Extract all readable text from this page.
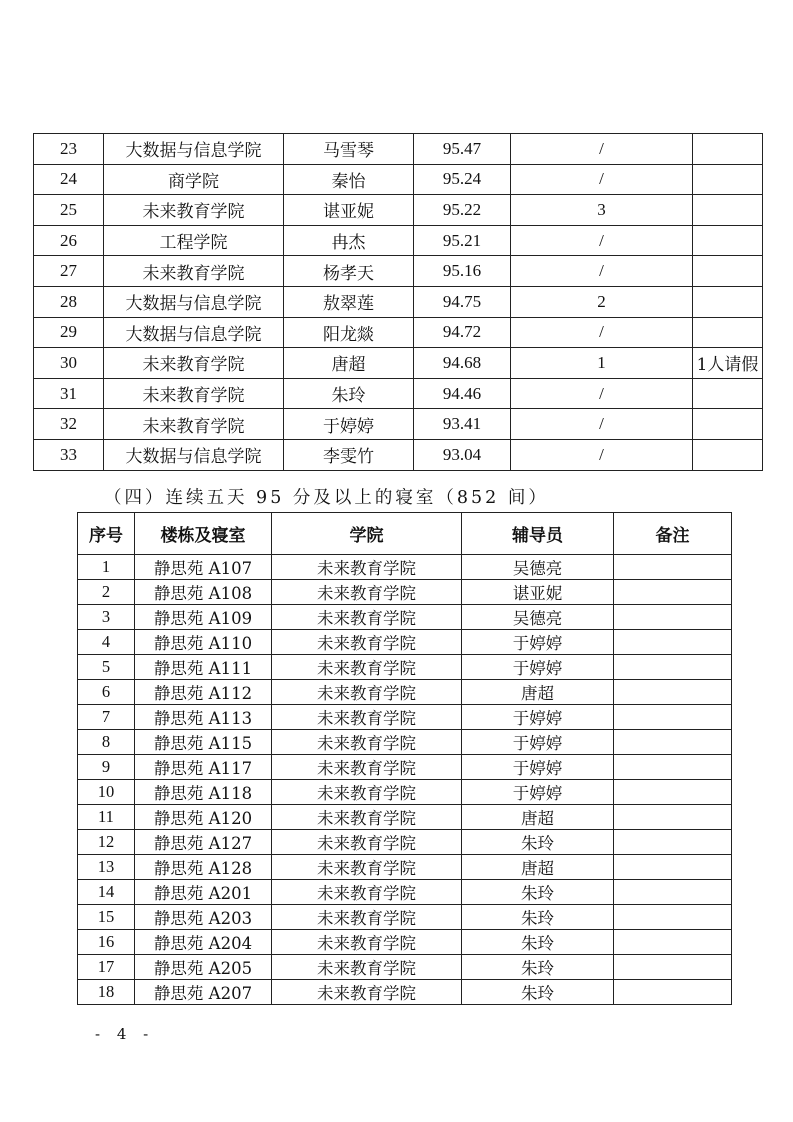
23	大数据与信息学院	马雪琴	95.47	/	
24	商学院	秦怡	95.24	/	
25	未来教育学院	谌亚妮	95.22	3	
26	工程学院	冉杰	95.21	/	
27	未来教育学院	杨孝天	95.16	/	
28	大数据与信息学院	敖翠莲	94.75	2	
29	大数据与信息学院	阳龙燚	94.72	/	
30	未来教育学院	唐超	94.68	1	1人请假
31	未来教育学院	朱玲	94.46	/	
32	未来教育学院	于婷婷	93.41	/	
33	大数据与信息学院	李雯竹	93.04	/	
（四）连续五天 95 分及以上的寝室（852 间）
序号	楼栋及寝室	学院	辅导员	备注
1	静思苑 A107	未来教育学院	吴德亮	
2	静思苑 A108	未来教育学院	谌亚妮	
3	静思苑 A109	未来教育学院	吴德亮	
4	静思苑 A110	未来教育学院	于婷婷	
5	静思苑 A111	未来教育学院	于婷婷	
6	静思苑 A112	未来教育学院	唐超	
7	静思苑 A113	未来教育学院	于婷婷	
8	静思苑 A115	未来教育学院	于婷婷	
9	静思苑 A117	未来教育学院	于婷婷	
10	静思苑 A118	未来教育学院	于婷婷	
11	静思苑 A120	未来教育学院	唐超	
12	静思苑 A127	未来教育学院	朱玲	
13	静思苑 A128	未来教育学院	唐超	
14	静思苑 A201	未来教育学院	朱玲	
15	静思苑 A203	未来教育学院	朱玲	
16	静思苑 A204	未来教育学院	朱玲	
17	静思苑 A205	未来教育学院	朱玲	
18	静思苑 A207	未来教育学院	朱玲	
- 4 -
